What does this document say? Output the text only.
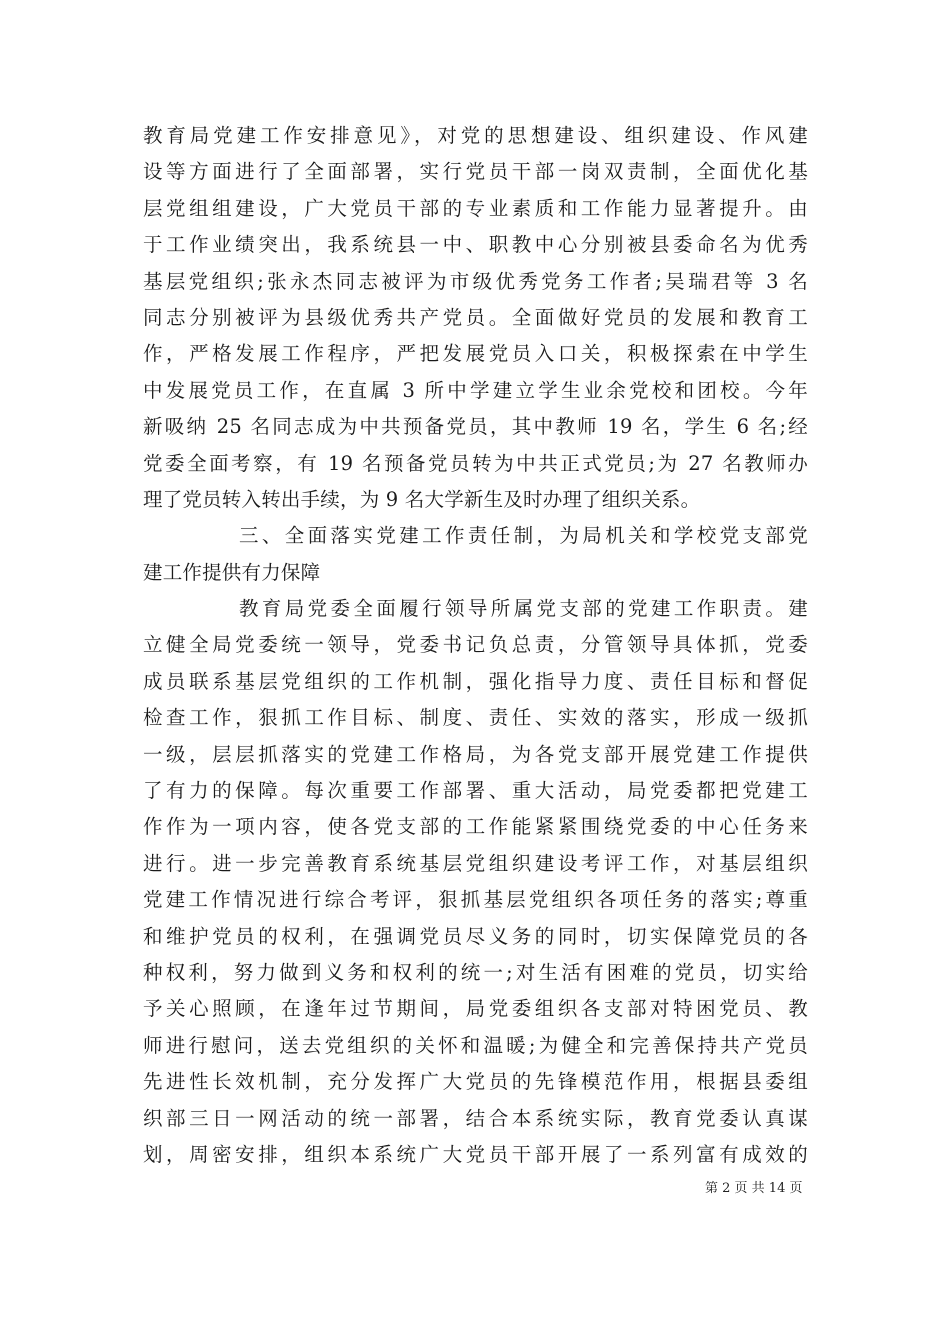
教育局党建工作安排意见》，对党的思想建设、组织建设、作风建
设等方面进行了全面部署，实行党员干部一岗双责制，全面优化基
层党组组建设，广大党员干部的专业素质和工作能力显著提升。由
于工作业绩突出，我系统县一中、职教中心分别被县委命名为优秀
基层党组织;张永杰同志被评为市级优秀党务工作者;吴瑞君等 3 名
同志分别被评为县级优秀共产党员。全面做好党员的发展和教育工
作，严格发展工作程序，严把发展党员入口关，积极探索在中学生
中发展党员工作，在直属 3 所中学建立学生业余党校和团校。今年
新吸纳 25 名同志成为中共预备党员，其中教师 19 名，学生 6 名;经
党委全面考察，有 19 名预备党员转为中共正式党员;为 27 名教师办
理了党员转入转出手续，为 9 名大学新生及时办理了组织关系。
三、全面落实党建工作责任制，为局机关和学校党支部党
建工作提供有力保障
教育局党委全面履行领导所属党支部的党建工作职责。建
立健全局党委统一领导，党委书记负总责，分管领导具体抓，党委
成员联系基层党组织的工作机制，强化指导力度、责任目标和督促
检查工作，狠抓工作目标、制度、责任、实效的落实，形成一级抓
一级，层层抓落实的党建工作格局，为各党支部开展党建工作提供
了有力的保障。每次重要工作部署、重大活动，局党委都把党建工
作作为一项内容，使各党支部的工作能紧紧围绕党委的中心任务来
进行。进一步完善教育系统基层党组织建设考评工作，对基层组织
党建工作情况进行综合考评，狠抓基层党组织各项任务的落实;尊重
和维护党员的权利，在强调党员尽义务的同时，切实保障党员的各
种权利，努力做到义务和权利的统一;对生活有困难的党员，切实给
予关心照顾，在逢年过节期间，局党委组织各支部对特困党员、教
师进行慰问，送去党组织的关怀和温暖;为健全和完善保持共产党员
先进性长效机制，充分发挥广大党员的先锋模范作用，根据县委组
织部三日一网活动的统一部署，结合本系统实际，教育党委认真谋
划，周密安排，组织本系统广大党员干部开展了一系列富有成效的
第 2 页 共 14 页
